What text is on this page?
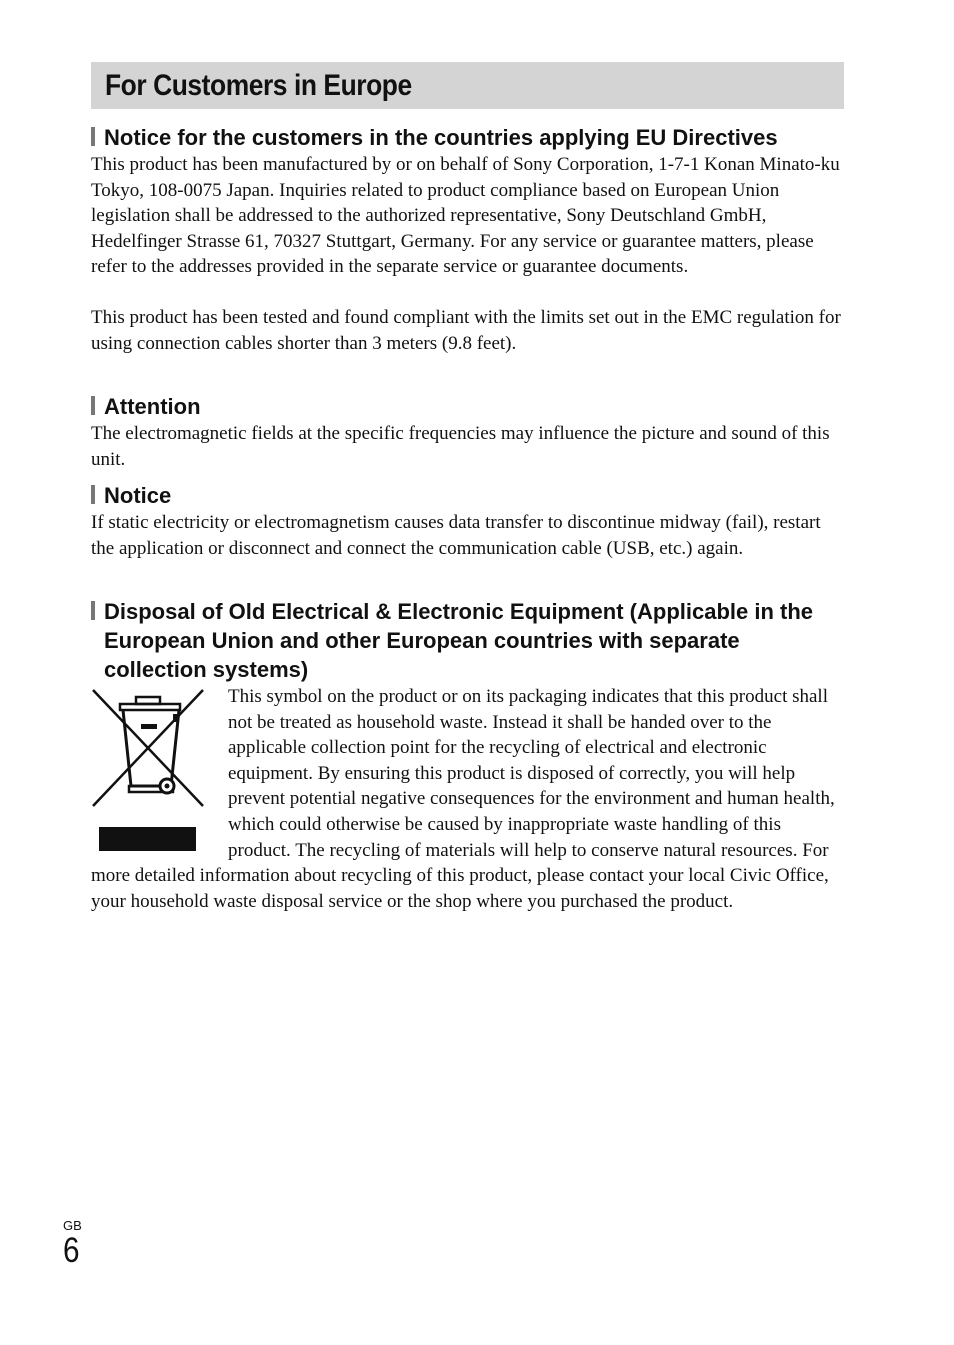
For Customers in Europe
Notice for the customers in the countries applying EU Directives

This product has been manufactured by or on behalf of Sony Corporation, 1-7-1 Konan Minato-ku Tokyo, 108-0075 Japan. Inquiries related to product compliance based on European Union legislation shall be addressed to the authorized representative, Sony Deutschland GmbH, Hedelfinger Strasse 61, 70327 Stuttgart, Germany. For any service or guarantee matters, please refer to the addresses provided in the separate service or guarantee documents.

This product has been tested and found compliant with the limits set out in the EMC regulation for using connection cables shorter than 3 meters (9.8 feet).

Attention

The electromagnetic fields at the specific frequencies may influence the picture and sound of this unit.

Notice

If static electricity or electromagnetism causes data transfer to discontinue midway (fail), restart the application or disconnect and connect the communication cable (USB, etc.) again.

Disposal of Old Electrical & Electronic Equipment (Applicable in the European Union and other European countries with separate collection systems)

This symbol on the product or on its packaging indicates that this product shall not be treated as household waste. Instead it shall be handed over to the applicable collection point for the recycling of electrical and electronic equipment. By ensuring this product is disposed of correctly, you will help prevent potential negative consequences for the environment and human health, which could otherwise be caused by inappropriate waste handling of this product. The recycling of materials will help to conserve natural resources. For more detailed information about recycling of this product, please contact your local Civic Office, your household waste disposal service or the shop where you purchased the product.

GB
6
